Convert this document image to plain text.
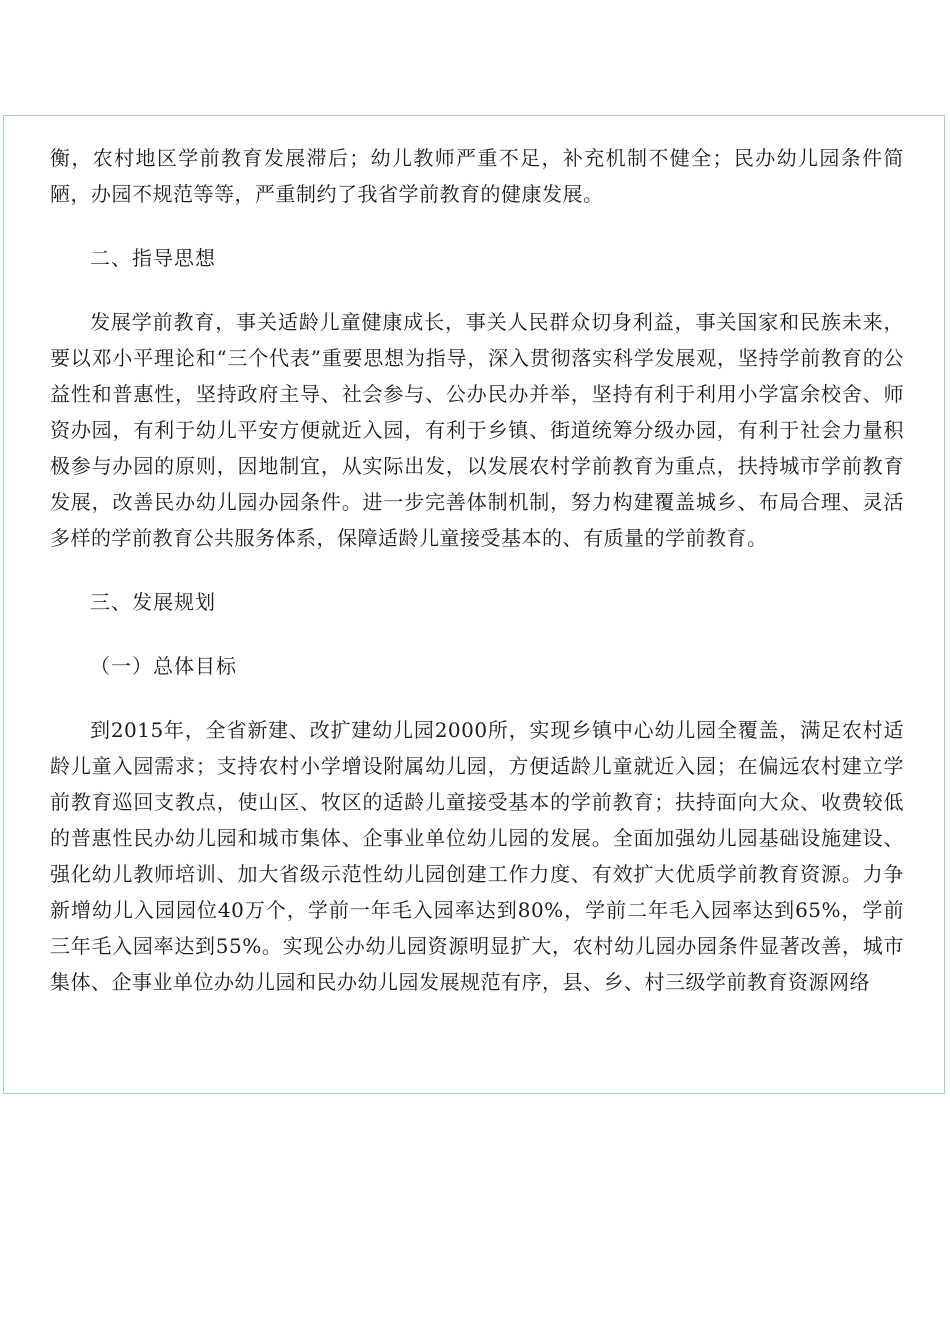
衡，农村地区学前教育发展滞后；幼儿教师严重不足，补充机制不健全；民办幼儿园条件简陋，办园不规范等等，严重制约了我省学前教育的健康发展。

二、指导思想

发展学前教育，事关适龄儿童健康成长，事关人民群众切身利益，事关国家和民族未来，要以邓小平理论和“三个代表”重要思想为指导，深入贯彻落实科学发展观，坚持学前教育的公益性和普惠性，坚持政府主导、社会参与、公办民办并举，坚持有利于利用小学富余校舍、师资办园，有利于幼儿平安方便就近入园，有利于乡镇、街道统筹分级办园，有利于社会力量积极参与办园的原则，因地制宜，从实际出发，以发展农村学前教育为重点，扶持城市学前教育发展，改善民办幼儿园办园条件。进一步完善体制机制，努力构建覆盖城乡、布局合理、灵活多样的学前教育公共服务体系，保障适龄儿童接受基本的、有质量的学前教育。

三、发展规划

（一）总体目标

到2015年，全省新建、改扩建幼儿园2000所，实现乡镇中心幼儿园全覆盖，满足农村适龄儿童入园需求；支持农村小学增设附属幼儿园，方便适龄儿童就近入园；在偏远农村建立学前教育巡回支教点，使山区、牧区的适龄儿童接受基本的学前教育；扶持面向大众、收费较低的普惠性民办幼儿园和城市集体、企事业单位幼儿园的发展。全面加强幼儿园基础设施建设、强化幼儿教师培训、加大省级示范性幼儿园创建工作力度、有效扩大优质学前教育资源。力争新增幼儿入园园位40万个，学前一年毛入园率达到80%，学前二年毛入园率达到65%，学前三年毛入园率达到55%。实现公办幼儿园资源明显扩大，农村幼儿园办园条件显著改善，城市集体、企事业单位办幼儿园和民办幼儿园发展规范有序，县、乡、村三级学前教育资源网络
